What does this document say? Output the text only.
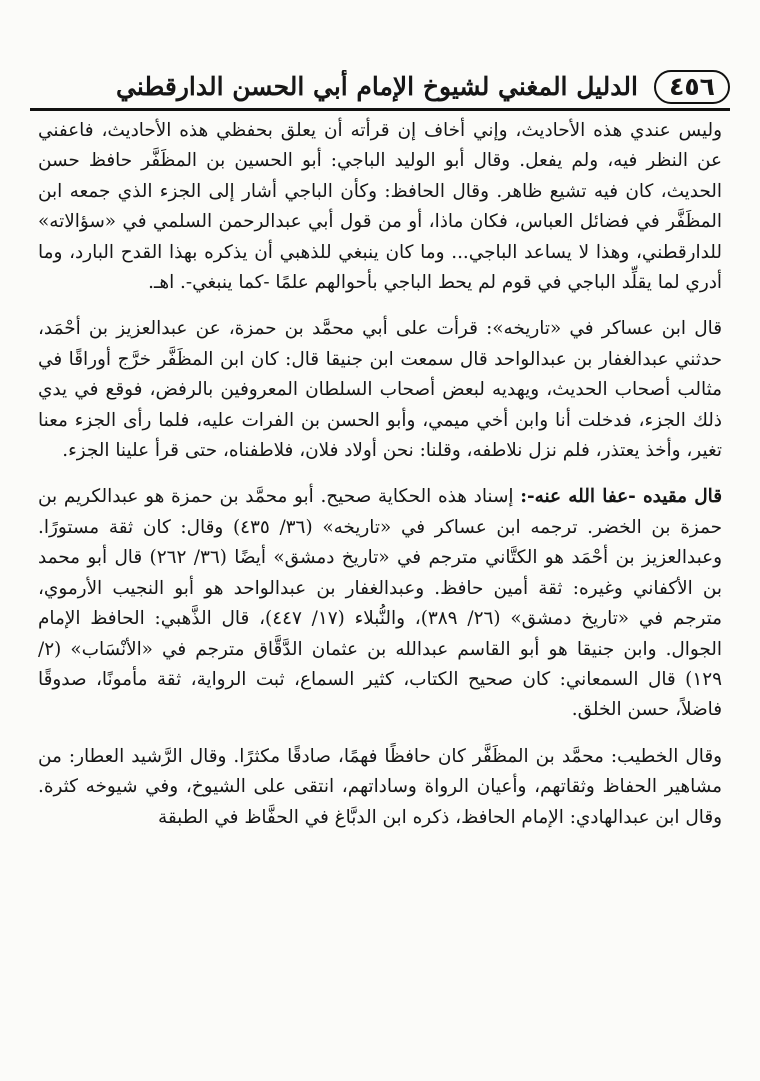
٤٥٦
الدليل المغني لشيوخ الإمام أبي الحسن الدارقطني

وليس عندي هذه الأحاديث، وإني أخاف إن قرأته أن يعلق بحفظي هذه الأحاديث، فاعفني عن النظر فيه، ولم يفعل. وقال أبو الوليد الباجي: أبو الحسين بن المظَفَّر حافظ حسن الحديث، كان فيه تشيع ظاهر. وقال الحافظ: وكأن الباجي أشار إلى الجزء الذي جمعه ابن المظَفَّر في فضائل العباس، فكان ماذا، أو من قول أبي عبدالرحمن السلمي في «سؤالاته» للدارقطني، وهذا لا يساعد الباجي... وما كان ينبغي للذهبي أن يذكره بهذا القدح البارد، وما أدري لما يقلِّد الباجي في قوم لم يحط الباجي بأحوالهم علمًا -كما ينبغي-. اهـ.

قال ابن عساكر في «تاريخه»: قرأت على أبي محمَّد بن حمزة، عن عبدالعزيز بن أحْمَد، حدثني عبدالغفار بن عبدالواحد قال سمعت ابن جنيقا قال: كان ابن المظَفَّر خرَّج أوراقًا في مثالب أصحاب الحديث، ويهديه لبعض أصحاب السلطان المعروفين بالرفض، فوقع في يدي ذلك الجزء، فدخلت أنا وابن أخي ميمي، وأبو الحسن بن الفرات عليه، فلما رأى الجزء معنا تغير، وأخذ يعتذر، فلم نزل نلاطفه، وقلنا: نحن أولاد فلان، فلاطفناه، حتى قرأ علينا الجزء.

قال مقيده -عفا الله عنه-: إسناد هذه الحكاية صحيح. أبو محمَّد بن حمزة هو عبدالكريم بن حمزة بن الخضر. ترجمه ابن عساكر في «تاريخه» (٣٦/ ٤٣٥) وقال: كان ثقة مستورًا. وعبدالعزيز بن أحْمَد هو الكتَّاني مترجم في «تاريخ دمشق» أيضًا (٣٦/ ٢٦٢) قال أبو محمد بن الأكفاني وغيره: ثقة أمين حافظ. وعبدالغفار بن عبدالواحد هو أبو النجيب الأرموي، مترجم في «تاريخ دمشق» (٢٦/ ٣٨٩)، والنُّبلاء (١٧/ ٤٤٧)، قال الذَّهبي: الحافظ الإمام الجوال. وابن جنيقا هو أبو القاسم عبدالله بن عثمان الدَّقَّاق مترجم في «الأنْسَاب» (٢/ ١٢٩) قال السمعاني: كان صحيح الكتاب، كثير السماع، ثبت الرواية، ثقة مأمونًا، صدوقًا فاضلاً، حسن الخلق.

وقال الخطيب: محمَّد بن المظَفَّر كان حافظًا فهمًا، صادقًا مكثرًا. وقال الرَّشيد العطار: من مشاهير الحفاظ وثقاتهم، وأعيان الرواة وساداتهم، انتقى على الشيوخ، وفي شيوخه كثرة. وقال ابن عبدالهادي: الإمام الحافظ، ذكره ابن الدبَّاغ في الحفَّاظ في الطبقة
